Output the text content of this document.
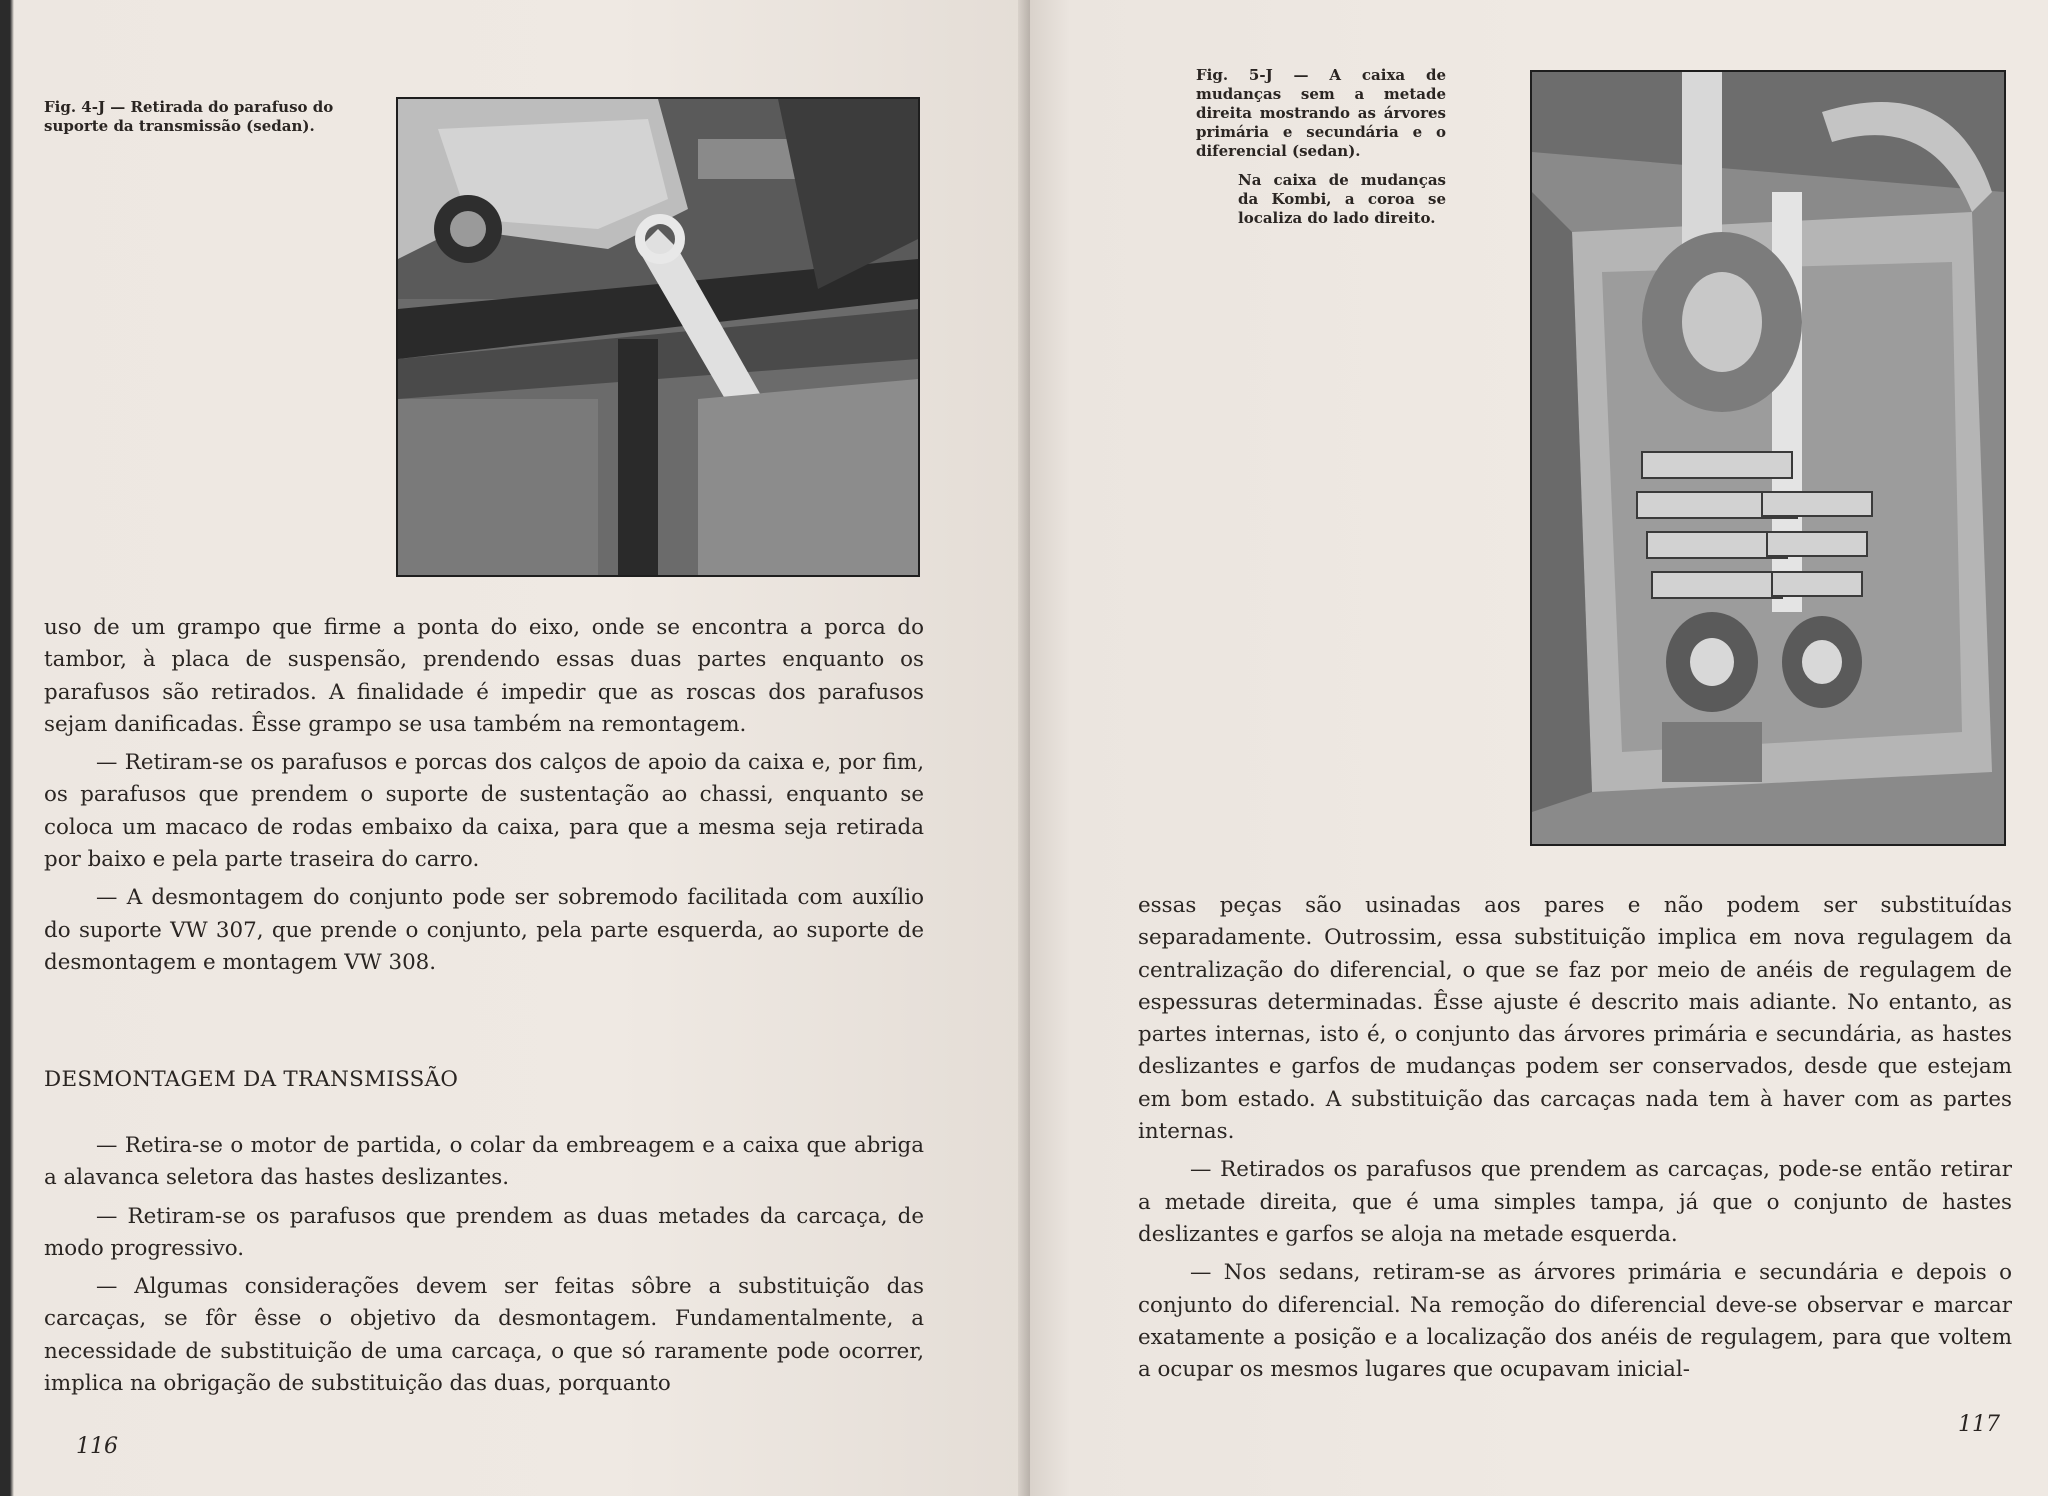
Fig. 4-J — Retirada do parafuso do suporte da transmissão (sedan).

uso de um grampo que firme a ponta do eixo, onde se encontra a porca do tambor, à placa de suspensão, prendendo essas duas partes enquanto os parafusos são retirados. A finalidade é impedir que as roscas dos parafusos sejam danificadas. Êsse grampo se usa também na remontagem.

— Retiram-se os parafusos e porcas dos calços de apoio da caixa e, por fim, os parafusos que prendem o suporte de sustentação ao chassi, enquanto se coloca um macaco de rodas embaixo da caixa, para que a mesma seja retirada por baixo e pela parte traseira do carro.

— A desmontagem do conjunto pode ser sobremodo facilitada com auxílio do suporte VW 307, que prende o conjunto, pela parte esquerda, ao suporte de desmontagem e montagem VW 308.

DESMONTAGEM DA TRANSMISSÃO

— Retira-se o motor de partida, o colar da embreagem e a caixa que abriga a alavanca seletora das hastes deslizantes.

— Retiram-se os parafusos que prendem as duas metades da carcaça, de modo progressivo.

— Algumas considerações devem ser feitas sôbre a substituição das carcaças, se fôr êsse o objetivo da desmontagem. Fundamentalmente, a necessidade de substituição de uma carcaça, o que só raramente pode ocorrer, implica na obrigação de substituição das duas, porquanto

116

Fig. 5-J — A caixa de mudanças sem a metade direita mostrando as árvores primária e secundária e o diferencial (sedan).

Na caixa de mudanças da Kombi, a coroa se localiza do lado direito.

essas peças são usinadas aos pares e não podem ser substituídas separadamente. Outrossim, essa substituição implica em nova regulagem da centralização do diferencial, o que se faz por meio de anéis de regulagem de espessuras determinadas. Êsse ajuste é descrito mais adiante. No entanto, as partes internas, isto é, o conjunto das árvores primária e secundária, as hastes deslizantes e garfos de mudanças podem ser conservados, desde que estejam em bom estado. A substituição das carcaças nada tem à haver com as partes internas.

— Retirados os parafusos que prendem as carcaças, pode-se então retirar a metade direita, que é uma simples tampa, já que o conjunto de hastes deslizantes e garfos se aloja na metade esquerda.

— Nos sedans, retiram-se as árvores primária e secundária e depois o conjunto do diferencial. Na remoção do diferencial deve-se observar e marcar exatamente a posição e a localização dos anéis de regulagem, para que voltem a ocupar os mesmos lugares que ocupavam inicial-

117
